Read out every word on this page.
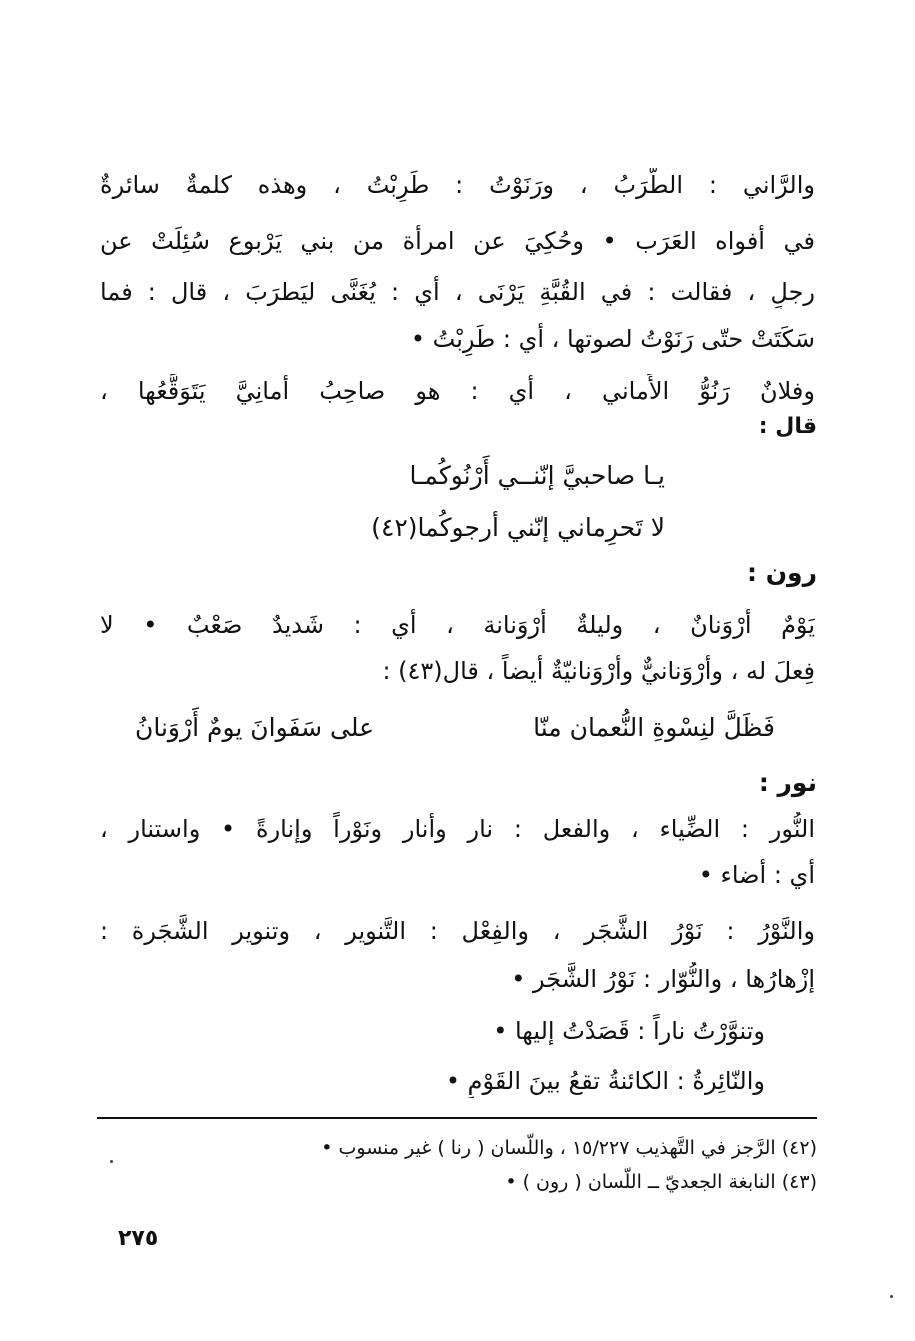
والرَّاني : الطَّرَبُ ، ورَنَوْتُ : طَرِبْتُ ، وهذه كلمةٌ سائرةٌ
في أفواه العَرَب • وحُكِيَ عن امرأة من بني يَرْبوع سُئِلَتْ عن
رجلٍ ، فقالت : في القُبَّةِ يَرْنَى ، أي : يُغَنَّى ليَطرَبَ ، قال : فما
سَكَتَتْ حتّى رَنَوْتُ لصوتها ، أي : طَرِبْتُ •
وفلانٌ رَنُوُّ الأَماني ، أي : هو صاحِبُ أَمانِيَّ يَتَوَقَّعُها ،
قال :
يـا صاحبيَّ إنّنــي أَرْنُوكُمـا
لا تَحرِماني إنّني أرجوكُما(٤٢)
رون :
يَوْمٌ أَرْوَنانٌ ، وليلةٌ أرْوَنانة ، أي : شَديدٌ صَعْبٌ • لا
فِعلَ له ، وأَرْوَنانيٌّ وأَرْوَنانيّةٌ أيضاً ، قال(٤٣) :
فَظَلَّ لنِسْوةِ النُّعمان منّا
على سَفَوانَ يومٌ أَرْوَنانُ
نور :
النُّور : الضِّياء ، والفعل : نار وأنار ونَوْراً وإنارةً • واستنار ،
أي : أضاء •
والنَّوْرُ : نَوْرُ الشَّجَر ، والفِعْل : التَّنوير ، وتنوير الشَّجَرة :
إزْهارُها ، والنُّوّار : نَوْرُ الشَّجَر •
وتنوَّرْتُ ناراً : قَصَدْتُ إليها •
والنّائِرةُ : الكائنةُ تقعُ بينَ القَوْمِ •
(٤٢) الرَّجز في التَّهذيب ١٥/٢٢٧ ، واللّسان ( رنا ) غير منسوب •
(٤٣) النابغة الجعديّ ــ اللّسان ( رون ) •
٢٧٥
